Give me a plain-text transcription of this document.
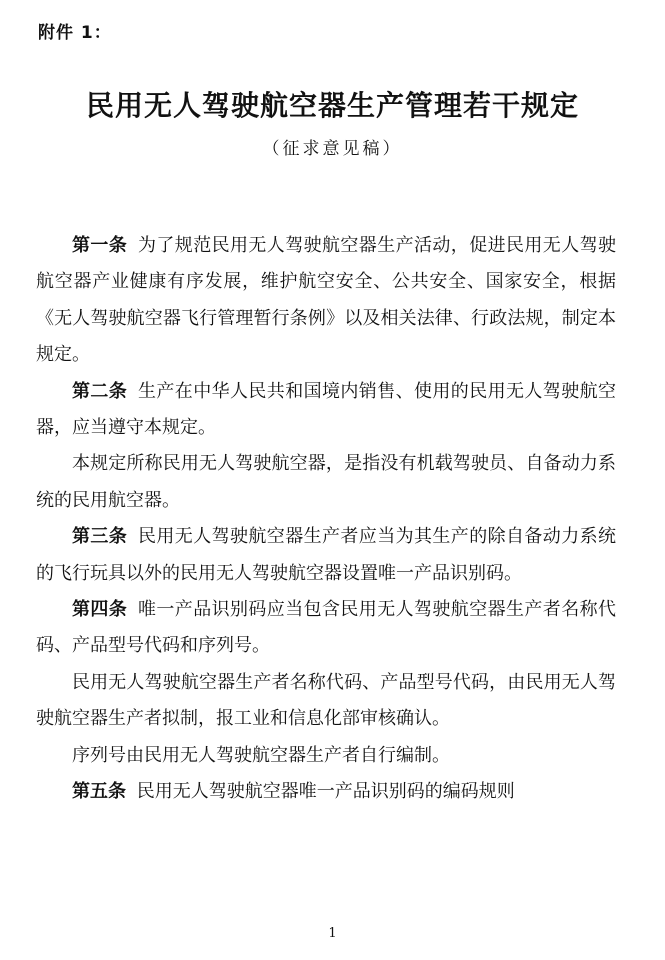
附件 1：
民用无人驾驶航空器生产管理若干规定
（征求意见稿）

第一条 为了规范民用无人驾驶航空器生产活动，促进民用无人驾驶航空器产业健康有序发展，维护航空安全、公共安全、国家安全，根据《无人驾驶航空器飞行管理暂行条例》以及相关法律、行政法规，制定本规定。

第二条 生产在中华人民共和国境内销售、使用的民用无人驾驶航空器，应当遵守本规定。

本规定所称民用无人驾驶航空器，是指没有机载驾驶员、自备动力系统的民用航空器。

第三条 民用无人驾驶航空器生产者应当为其生产的除自备动力系统的飞行玩具以外的民用无人驾驶航空器设置唯一产品识别码。

第四条 唯一产品识别码应当包含民用无人驾驶航空器生产者名称代码、产品型号代码和序列号。

民用无人驾驶航空器生产者名称代码、产品型号代码，由民用无人驾驶航空器生产者拟制，报工业和信息化部审核确认。

序列号由民用无人驾驶航空器生产者自行编制。

第五条 民用无人驾驶航空器唯一产品识别码的编码规则

1
